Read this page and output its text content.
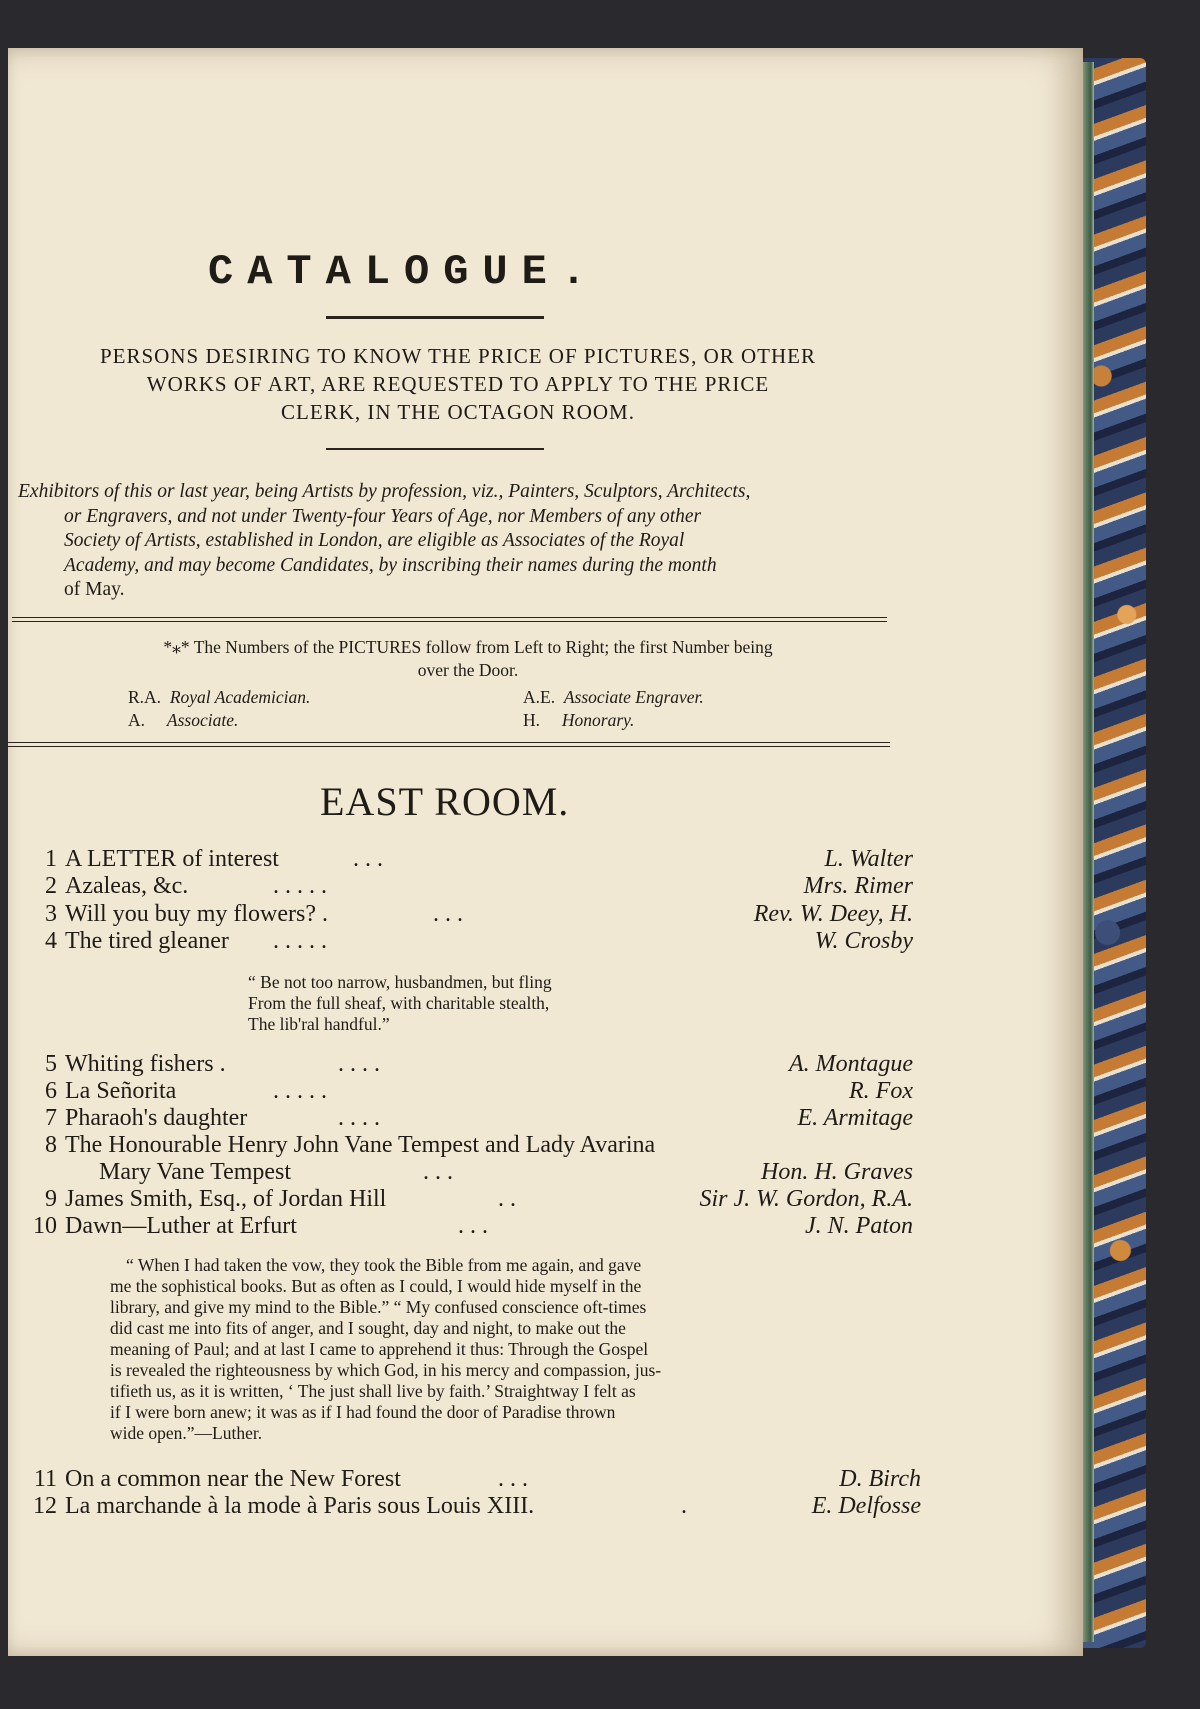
CATALOGUE.
PERSONS DESIRING TO KNOW THE PRICE OF PICTURES, OR OTHER
WORKS OF ART, ARE REQUESTED TO APPLY TO THE PRICE
CLERK, IN THE OCTAGON ROOM.
Exhibitors of this or last year, being Artists by profession, viz., Painters, Sculptors, Architects,
or Engravers, and not under Twenty-four Years of Age, nor Members of any other
Society of Artists, established in London, are eligible as Associates of the Royal
Academy, and may become Candidates, by inscribing their names during the month
of May.
*⁎* The Numbers of the PICTURES follow from Left to Right; the first Number being
over the Door.
R.A. Royal Academician.	A.E. Associate Engraver.
A. Associate.	H. Honorary.
EAST ROOM.
1 A LETTER of interest	. . .	L. Walter
2 Azaleas, &c.	. . . . .	Mrs. Rimer
3 Will you buy my flowers? .	. . .	Rev. W. Deey, H.
4 The tired gleaner . . . . .	W. Crosby
“ Be not too narrow, husbandmen, but fling
From the full sheaf, with charitable stealth,
The lib'ral handful.”
5 Whiting fishers .	. . . .	A. Montague
6 La Señorita	. . . . .	R. Fox
7 Pharaoh's daughter	. . . .	E. Armitage
8 The Honourable Henry John Vane Tempest and Lady Avarina
Mary Vane Tempest	. . .	Hon. H. Graves
9 James Smith, Esq., of Jordan Hill	. .	Sir J. W. Gordon, R.A.
10 Dawn—Luther at Erfurt	. . .	J. N. Paton
“ When I had taken the vow, they took the Bible from me again, and gave
me the sophistical books. But as often as I could, I would hide myself in the
library, and give my mind to the Bible.” “ My confused conscience oft-times
did cast me into fits of anger, and I sought, day and night, to make out the
meaning of Paul; and at last I came to apprehend it thus: Through the Gospel
is revealed the righteousness by which God, in his mercy and compassion, jus-
tifieth us, as it is written, ‘ The just shall live by faith.’ Straightway I felt as
if I were born anew; it was as if I had found the door of Paradise thrown
wide open.”—Luther.
11 On a common near the New Forest	. . .	D. Birch
12 La marchande à la mode à Paris sous Louis XIII.	.	E. Delfosse
